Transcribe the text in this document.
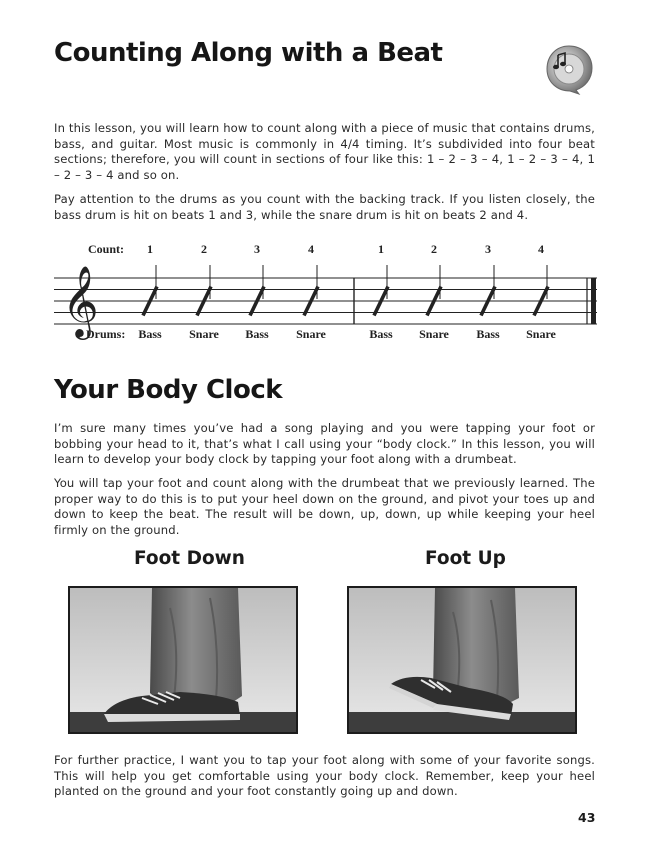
Counting Along with a Beat

In this lesson, you will learn how to count along with a piece of music that contains drums, bass, and guitar. Most music is commonly in 4/4 timing. It’s subdivided into four beat sections; therefore, you will count in sections of four like this: 1 – 2 – 3 – 4, 1 – 2 – 3 – 4, 1 – 2 – 3 – 4 and so on.

Pay attention to the drums as you count with the backing track. If you listen closely, the bass drum is hit on beats 1 and 3, while the snare drum is hit on beats 2 and 4.

Count:
Drums:
𝄞
1
Bass
2
Snare
3
Bass
4
Snare
1
Bass
2
Snare
3
Bass
4
Snare
Your Body Clock

I’m sure many times you’ve had a song playing and you were tapping your foot or bobbing your head to it, that’s what I call using your “body clock.” In this lesson, you will learn to develop your body clock by tapping your foot along with a drumbeat.

You will tap your foot and count along with the drumbeat that we previously learned. The proper way to do this is to put your heel down on the ground, and pivot your toes up and down to keep the beat. The result will be down, up, down, up while keeping your heel firmly on the ground.

Foot Down	Foot Up

For further practice, I want you to tap your foot along with some of your favorite songs. This will help you get comfortable using your body clock. Remember, keep your heel planted on the ground and your foot constantly going up and down.

43
